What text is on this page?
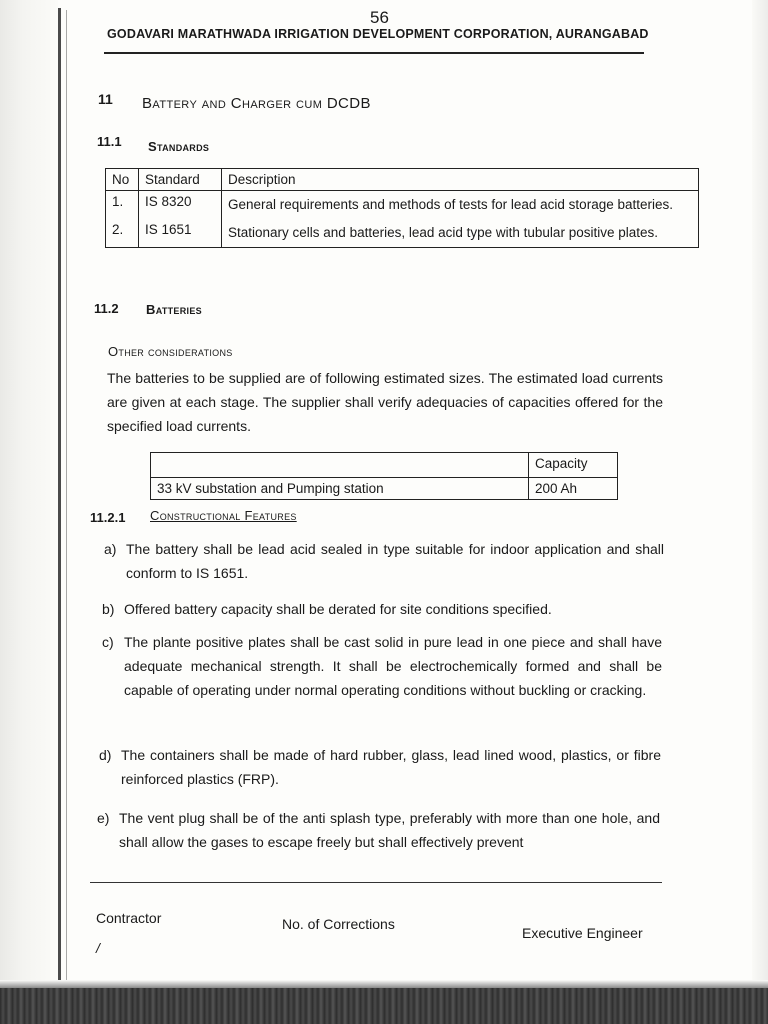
56
GODAVARI MARATHWADA IRRIGATION DEVELOPMENT CORPORATION, AURANGABAD
11 Battery and Charger cum DCDB
11.1 Standards
No	Standard	Description
1.	IS 8320	General requirements and methods of tests for lead acid storage batteries.
2.	IS 1651	Stationary cells and batteries, lead acid type with tubular positive plates.
11.2 Batteries
Other considerations
The batteries to be supplied are of following estimated sizes. The estimated load currents are given at each stage. The supplier shall verify adequacies of capacities offered for the specified load currents.
	Capacity
33 kV substation and Pumping station	200 Ah
11.2.1 Constructional Features
a) The battery shall be lead acid sealed in type suitable for indoor application and shall conform to IS 1651.
b) Offered battery capacity shall be derated for site conditions specified.
c) The plante positive plates shall be cast solid in pure lead in one piece and shall have adequate mechanical strength. It shall be electrochemically formed and shall be capable of operating under normal operating conditions without buckling or cracking.
d) The containers shall be made of hard rubber, glass, lead lined wood, plastics, or fibre reinforced plastics (FRP).
e) The vent plug shall be of the anti splash type, preferably with more than one hole, and shall allow the gases to escape freely but shall effectively prevent
Contractor	No. of Corrections
Executive Engineer
/
